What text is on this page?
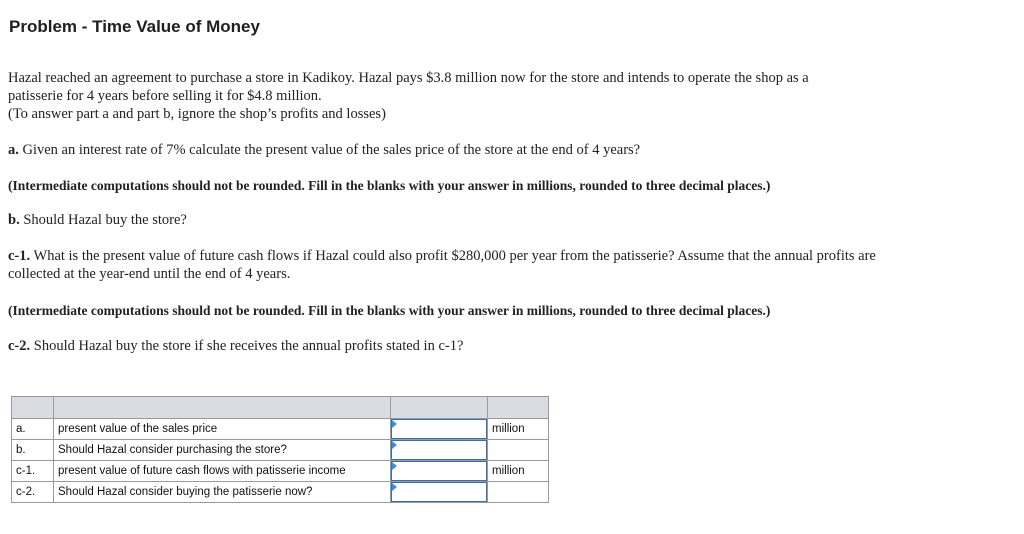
Problem - Time Value of Money
Hazal reached an agreement to purchase a store in Kadikoy. Hazal pays $3.8 million now for the store and intends to operate the shop as a
patisserie for 4 years before selling it for $4.8 million.
(To answer part a and part b, ignore the shop’s profits and losses)
a. Given an interest rate of 7% calculate the present value of the sales price of the store at the end of 4 years?
(Intermediate computations should not be rounded. Fill in the blanks with your answer in millions, rounded to three decimal places.)
b. Should Hazal buy the store?
c-1. What is the present value of future cash flows if Hazal could also profit $280,000 per year from the patisserie? Assume that the annual profits are collected at the year-end until the end of 4 years.
(Intermediate computations should not be rounded. Fill in the blanks with your answer in millions, rounded to three decimal places.)
c-2. Should Hazal buy the store if she receives the annual profits stated in c-1?

a.	present value of the sales price		million
b.	Should Hazal consider purchasing the store?	

c-1.	present value of future cash flows with patisserie income		million
c-2.	Should Hazal consider buying the patisserie now?	
